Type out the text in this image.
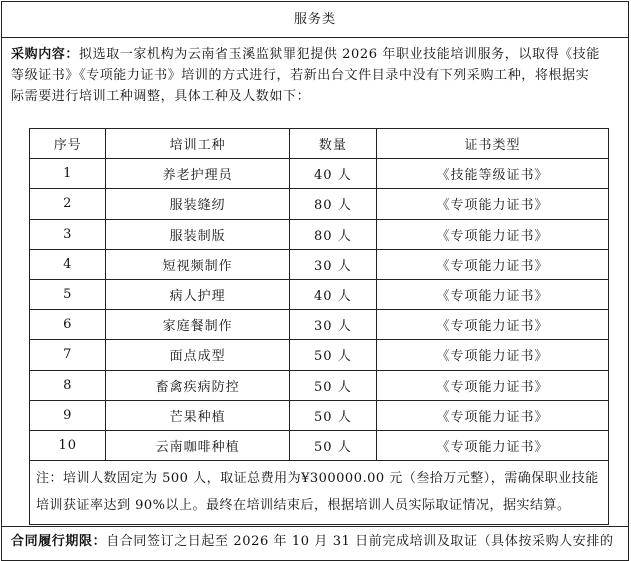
服务类
采购内容：拟选取一家机构为云南省玉溪监狱罪犯提供 2026 年职业技能培训服务，以取得《技能
等级证书》《专项能力证书》培训的方式进行，若新出台文件目录中没有下列采购工种，将根据实
际需要进行培训工种调整，具体工种及人数如下：
序号	培训工种	数量	证书类型
1	养老护理员	40 人	《技能等级证书》
2	服装缝纫	80 人	《专项能力证书》
3	服装制版	80 人	《专项能力证书》
4	短视频制作	30 人	《专项能力证书》
5	病人护理	40 人	《专项能力证书》
6	家庭餐制作	30 人	《专项能力证书》
7	面点成型	50 人	《专项能力证书》
8	畜禽疾病防控	50 人	《专项能力证书》
9	芒果种植	50 人	《专项能力证书》
10	云南咖啡种植	50 人	《专项能力证书》
注：培训人数固定为 500 人，取证总费用为¥300000.00 元（叁拾万元整），需确保职业技能
培训获证率达到 90%以上。最终在培训结束后，根据培训人员实际取证情况，据实结算。
合同履行期限：自合同签订之日起至 2026 年 10 月 31 日前完成培训及取证（具体按采购人安排的
